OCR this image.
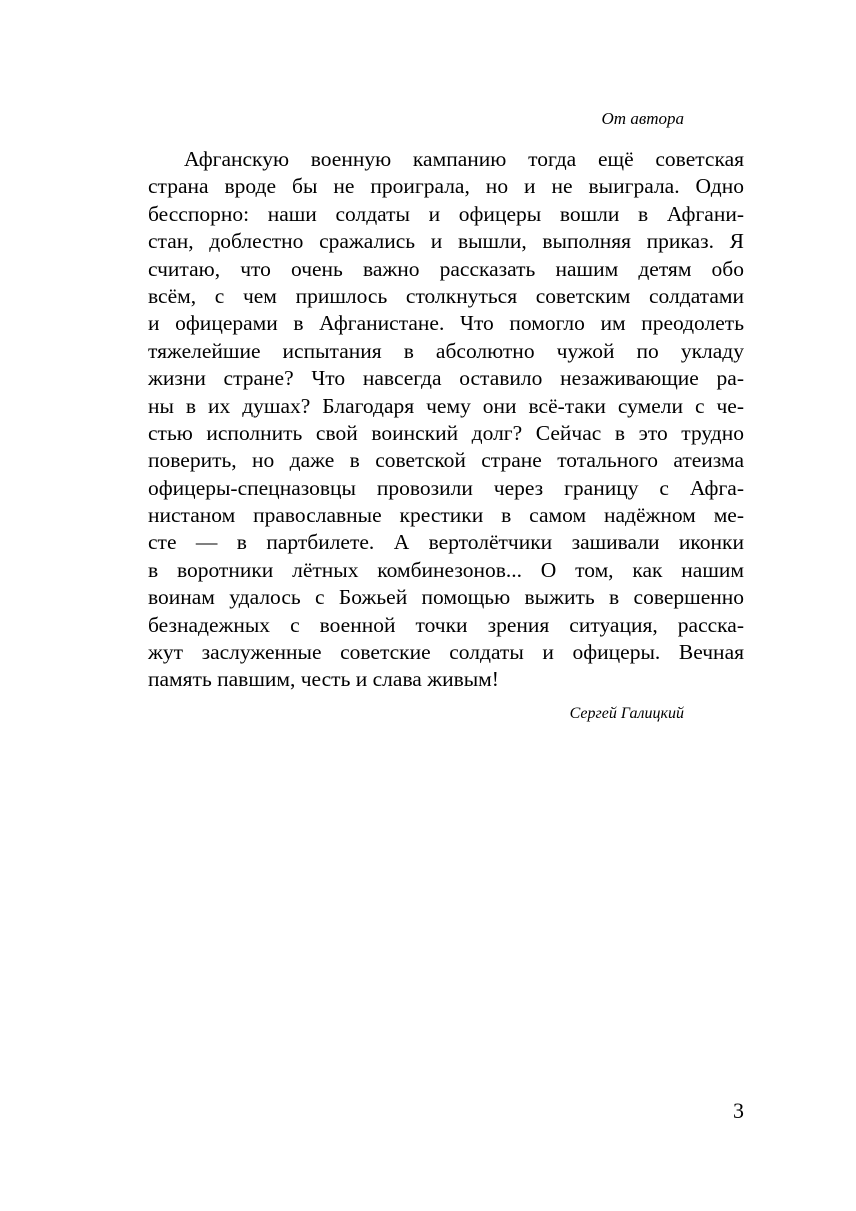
От автора
Афганскую военную кампанию тогда ещё советская
страна вроде бы не проиграла, но и не выиграла. Одно
бесспорно: наши солдаты и офицеры вошли в Афгани-
стан, доблестно сражались и вышли, выполняя приказ. Я
считаю, что очень важно рассказать нашим детям обо
всём, с чем пришлось столкнуться советским солдатами
и офицерами в Афганистане. Что помогло им преодолеть
тяжелейшие испытания в абсолютно чужой по укладу
жизни стране? Что навсегда оставило незаживающие ра-
ны в их душах? Благодаря чему они всё-таки сумели с че-
стью исполнить свой воинский долг? Сейчас в это трудно
поверить, но даже в советской стране тотального атеизма
офицеры-спецназовцы провозили через границу с Афга-
нистаном православные крестики в самом надёжном ме-
сте — в партбилете. А вертолётчики зашивали иконки
в воротники лётных комбинезонов... О том, как нашим
воинам удалось с Божьей помощью выжить в совершенно
безнадежных с военной точки зрения ситуация, расска-
жут заслуженные советские солдаты и офицеры. Вечная
память павшим, честь и слава живым!
Сергей Галицкий
3
